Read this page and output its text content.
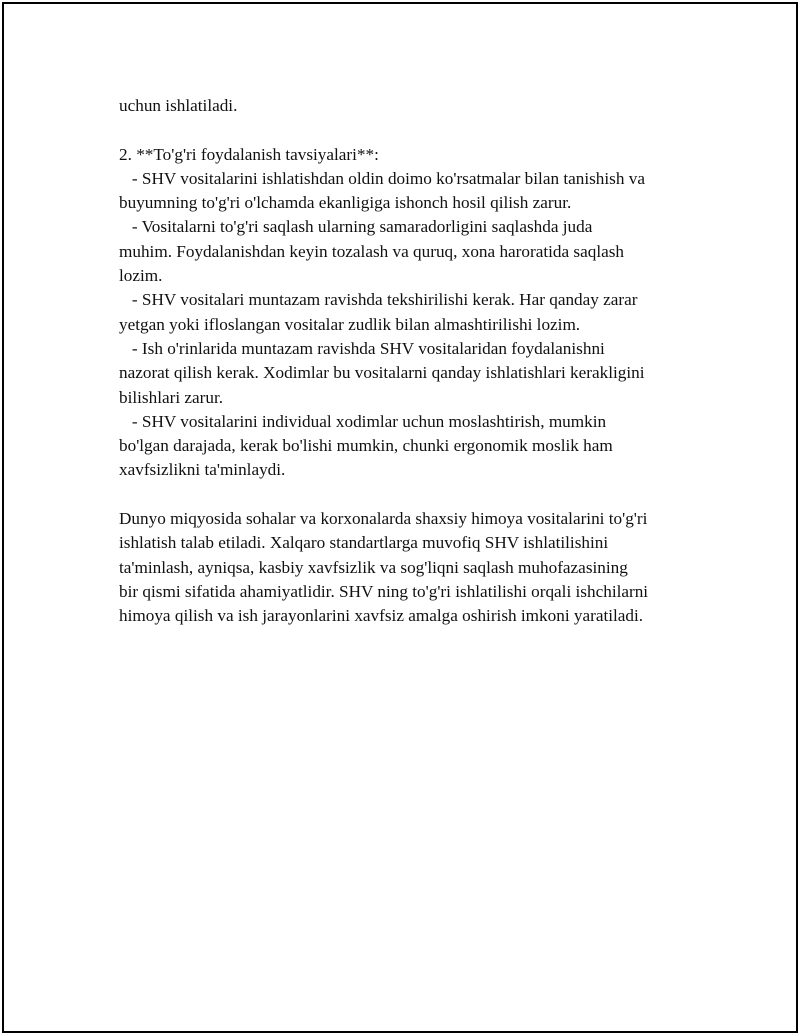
uchun ishlatiladi.
2. **To'g'ri foydalanish tavsiyalari**:
- SHV vositalarini ishlatishdan oldin doimo ko'rsatmalar bilan tanishish va
buyumning to'g'ri o'lchamda ekanligiga ishonch hosil qilish zarur.
- Vositalarni to'g'ri saqlash ularning samaradorligini saqlashda juda
muhim. Foydalanishdan keyin tozalash va quruq, xona haroratida saqlash
lozim.
- SHV vositalari muntazam ravishda tekshirilishi kerak. Har qanday zarar
yetgan yoki ifloslangan vositalar zudlik bilan almashtirilishi lozim.
- Ish o'rinlarida muntazam ravishda SHV vositalaridan foydalanishni
nazorat qilish kerak. Xodimlar bu vositalarni qanday ishlatishlari kerakligini
bilishlari zarur.
- SHV vositalarini individual xodimlar uchun moslashtirish, mumkin
bo'lgan darajada, kerak bo'lishi mumkin, chunki ergonomik moslik ham
xavfsizlikni ta'minlaydi.
Dunyo miqyosida sohalar va korxonalarda shaxsiy himoya vositalarini to'g'ri
ishlatish talab etiladi. Xalqaro standartlarga muvofiq SHV ishlatilishini
ta'minlash, ayniqsa, kasbiy xavfsizlik va sog'liqni saqlash muhofazasining
bir qismi sifatida ahamiyatlidir. SHV ning to'g'ri ishlatilishi orqali ishchilarni
himoya qilish va ish jarayonlarini xavfsiz amalga oshirish imkoni yaratiladi.
